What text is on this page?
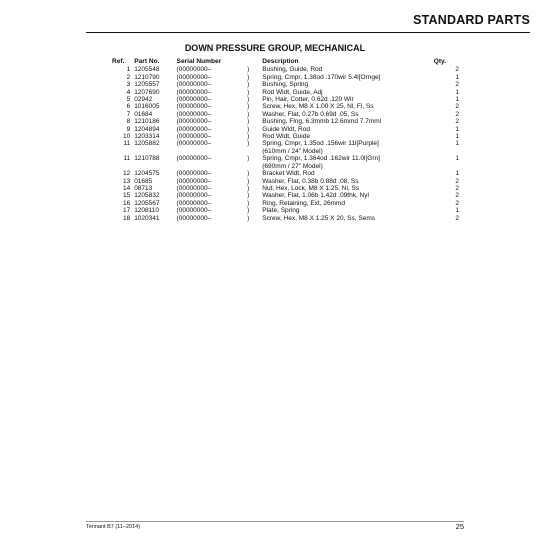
STANDARD PARTS
DOWN PRESSURE GROUP, MECHANICAL
Ref.	Part No.	Serial Number		Description	Qty.
1	1205548	(00000000–	)	Bushing, Guide, Rod	2
2	1210790	(00000000–	)	Spring, Cmpr, 1.38od .170wir 5.4l[Ornge]	1
3	1205557	(00000000–	)	Bushing, Spring	2
4	1207690	(00000000–	)	Rod Wldt, Guide, Adj	1
5	02942	(00000000–	)	Pin, Hair, Cotter, 0.62d .120 Wir	1
6	1016005	(00000000–	)	Screw, Hex, M8 X 1.00 X 25, Nl, Fl, Ss	2
7	01684	(00000000–	)	Washer, Flat, 0.27b 0.69d .05, Ss	2
8	1210186	(00000000–	)	Bushing, Flng, 6.3mmb 12.6mmd 7.7mml	2
9	1204894	(00000000–	)	Guide Wldt, Rod	1
10	1203314	(00000000–	)	Rod Wldt, Guide	1
11	1205882	(00000000–	)	Spring, Cmpr, 1.35od .156wir 11l[Purple]
(610mm / 24" Model)	1
11	1210788	(00000000–	)	Spring, Cmpr, 1.364od .162wir 11.0l[Grn]
(690mm / 27" Model)	1
12	1204575	(00000000–	)	Bracket Wldt, Rod	1
13	01685	(00000000–	)	Washer, Flat, 0.38b 0.88d .08, Ss	2
14	08713	(00000000–	)	Nut, Hex, Lock, M8 X 1.25, Nl, Ss	2
15	1205832	(00000000–	)	Washer, Flat, 1.06b 1.42d .09thk, Nyl	2
16	1205567	(00000000–	)	Ring, Retaining, Ext, 26mmd	2
17	1208110	(00000000–	)	Plate, Spring	1
18	1020341	(00000000–	)	Screw, Hex, M8 X 1.25 X 20, Ss, Sems	2
Tennant B7 (11–2014)	25
